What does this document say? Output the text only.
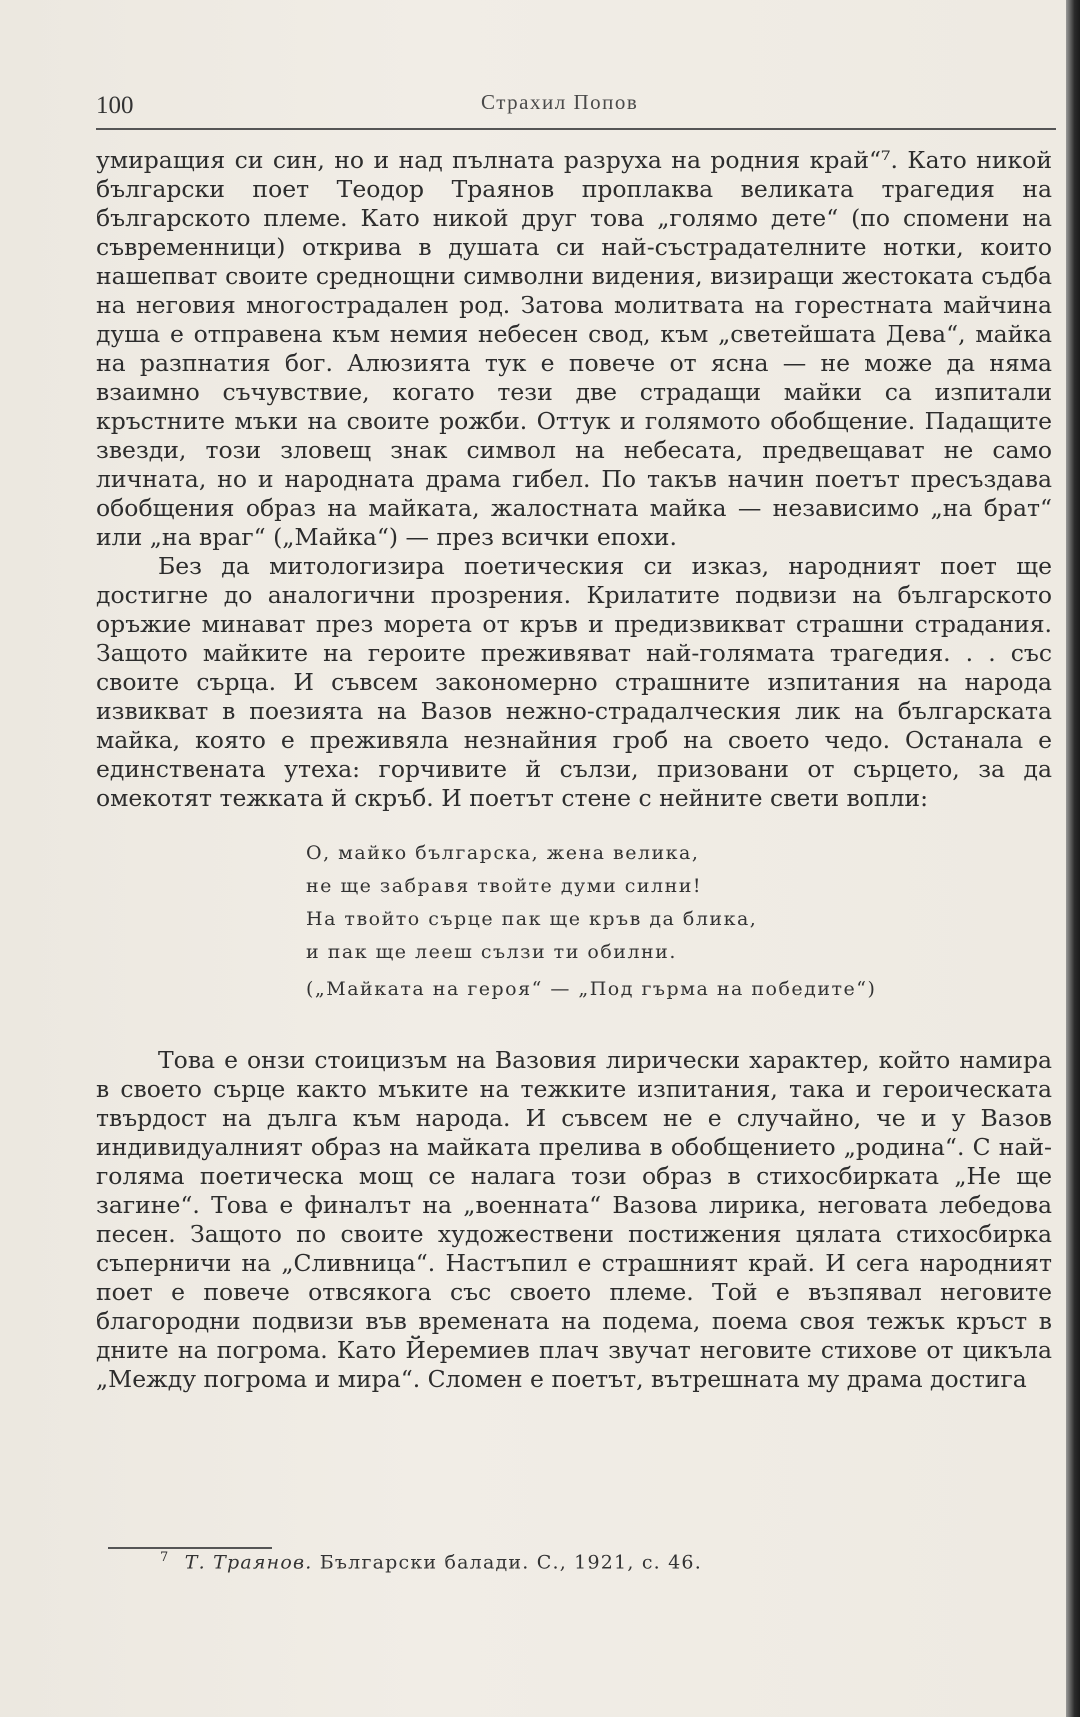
100	Страхил Попов

умиращия си син, но и над пълната разруха на родния край“⁷. Като никой български поет Теодор Траянов проплаква великата трагедия на българското племе. Като никой друг това „голямо дете“ (по спомени на съвременници) открива в душата си най-състрадателните нотки, които нашепват своите среднощни символни видения, визиращи жестоката съдба на неговия многострадален род. Затова молитвата на горестната майчина душа е отправена към немия небесен свод, към „светейшата Дева“, майка на разпнатия бог. Алюзията тук е повече от ясна — не може да няма взаимно съчувствие, когато тези две страдащи майки са изпитали кръстните мъки на своите рожби. Оттук и голямото обобщение. Падащите звезди, този зловещ знак символ на небесата, предвещават не само личната, но и народната драма гибел. По такъв начин поетът пресъздава обобщения образ на майката, жалостната майка — независимо „на брат“ или „на враг“ („Майка“) — през всички епохи.

Без да митологизира поетическия си изказ, народният поет ще достигне до аналогични прозрения. Крилатите подвизи на българското оръжие минават през морета от кръв и предизвикват страшни страдания. Защото майките на героите преживяват най-голямата трагедия. . . със своите сърца. И съвсем закономерно страшните изпитания на народа извикват в поезията на Вазов нежно-страдалческия лик на българската майка, която е преживяла незнайния гроб на своето чедо. Останала е единствената утеха: горчивите й сълзи, призовани от сърцето, за да омекотят тежката й скръб. И поетът стене с нейните свети вопли:

О, майко българска, жена велика,
не ще забравя твойте думи силни!
На твойто сърце пак ще кръв да блика,
и пак ще лееш сълзи ти обилни.
(„Майката на героя“ — „Под гърма на победите“)

Това е онзи стоицизъм на Вазовия лирически характер, който намира в своето сърце както мъките на тежките изпитания, така и героическата твърдост на дълга към народа. И съвсем не е случайно, че и у Вазов индивидуалният образ на майката прелива в обобщението „родина“. С най-голяма поетическа мощ се налага този образ в стихосбирката „Не ще загине“. Това е финалът на „военната“ Вазова лирика, неговата лебедова песен. Защото по своите художествени постижения цялата стихосбирка съперничи на „Сливница“. Настъпил е страшният край. И сега народният поет е повече отвсякога със своето племе. Той е възпявал неговите благородни подвизи във времената на подема, поема своя тежък кръст в дните на погрома. Като Йеремиев плач звучат неговите стихове от цикъла „Между погрома и мира“. Сломен е поетът, вътрешната му драма достига

$^7$ Т. Траянов. Български балади. С., 1921, с. 46.
